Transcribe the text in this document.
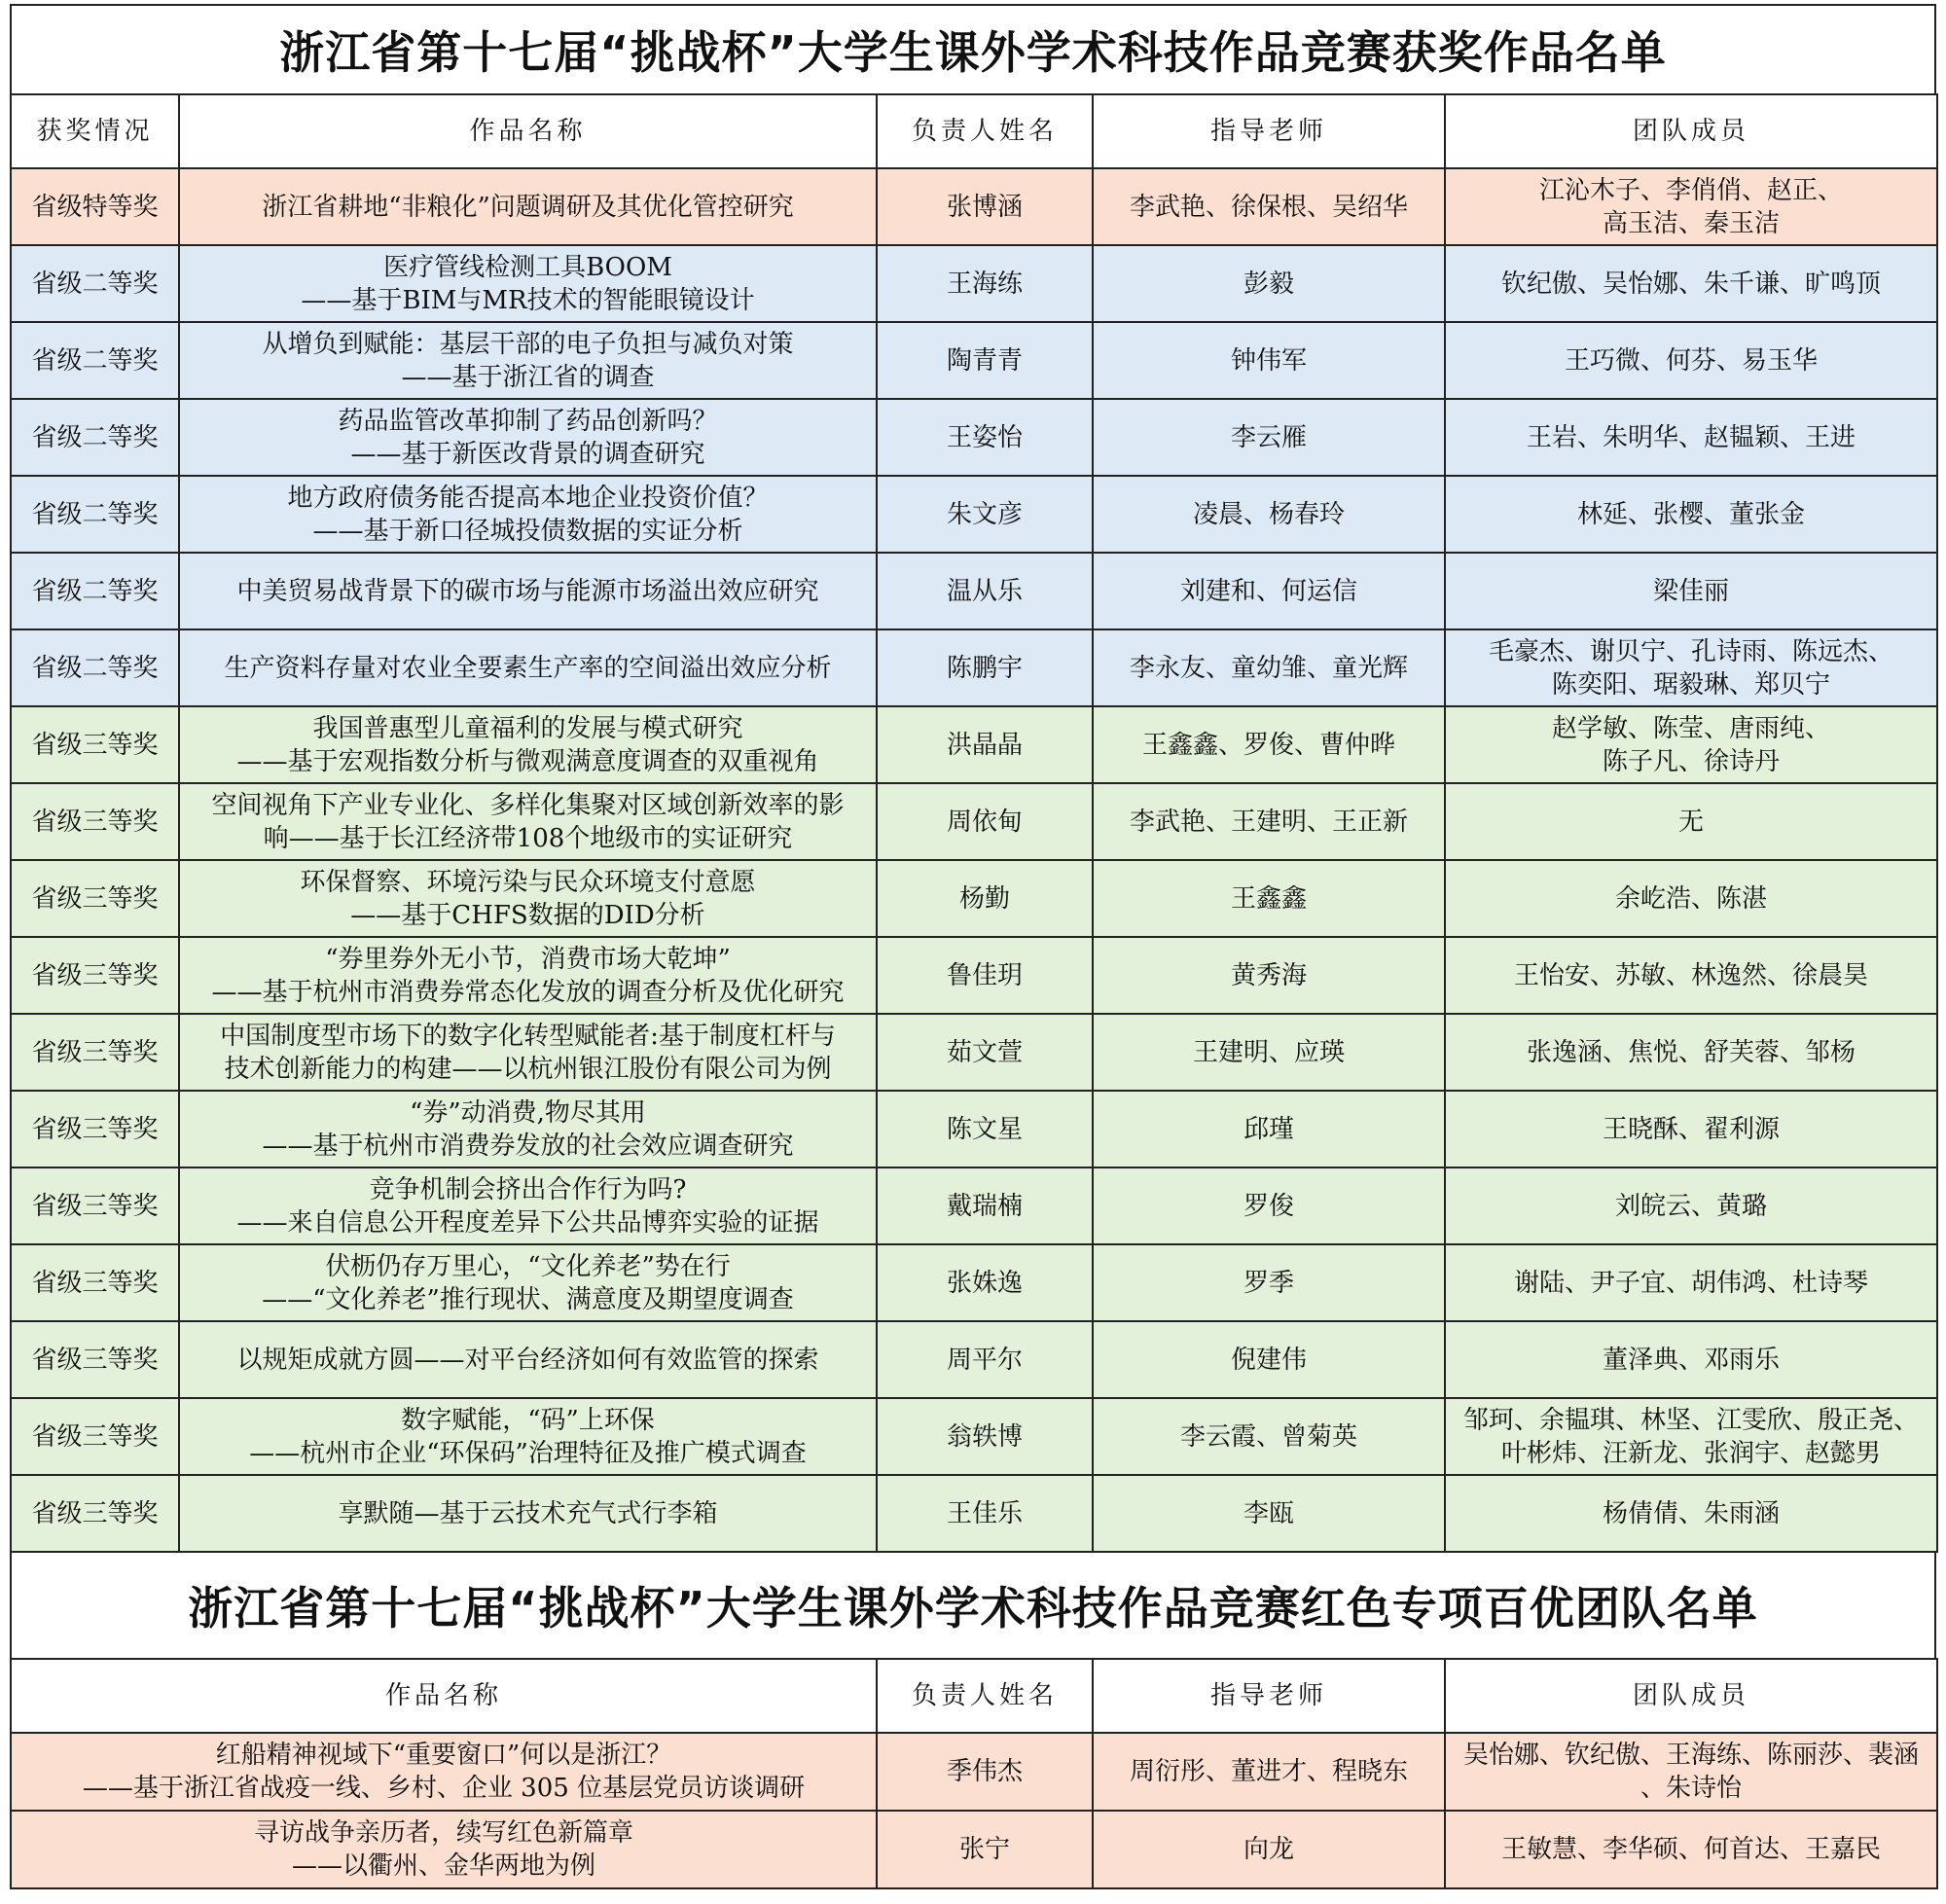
浙江省第十七届“挑战杯”大学生课外学术科技作品竞赛获奖作品名单
获奖情况	作品名称	负责人姓名	指导老师	团队成员
省级特等奖	浙江省耕地“非粮化”问题调研及其优化管控研究	张博涵	李武艳、徐保根、吴绍华	江沁木子、李俏俏、赵正、
高玉洁、秦玉洁

省级二等奖	医疗管线检测工具BOOM
——基于BIM与MR技术的智能眼镜设计	王海练	彭毅	钦纪傲、吴怡娜、朱千谦、旷鸣顶

省级二等奖	从增负到赋能：基层干部的电子负担与减负对策
——基于浙江省的调查	陶青青	钟伟军	王巧微、何芬、易玉华

省级二等奖	药品监管改革抑制了药品创新吗？
——基于新医改背景的调查研究	王姿怡	李云雁	王岩、朱明华、赵韫颖、王进

省级二等奖	地方政府债务能否提高本地企业投资价值？
——基于新口径城投债数据的实证分析	朱文彦	凌晨、杨春玲	林延、张樱、董张金

省级二等奖	中美贸易战背景下的碳市场与能源市场溢出效应研究	温从乐	刘建和、何运信	梁佳丽

省级二等奖	生产资料存量对农业全要素生产率的空间溢出效应分析	陈鹏宇	李永友、童幼雏、童光辉	毛豪杰、谢贝宁、孔诗雨、陈远杰、
陈奕阳、琚毅琳、郑贝宁

省级三等奖	我国普惠型儿童福利的发展与模式研究
——基于宏观指数分析与微观满意度调查的双重视角	洪晶晶	王鑫鑫、罗俊、曹仲晔	赵学敏、陈莹、唐雨纯、
陈子凡、徐诗丹

省级三等奖	空间视角下产业专业化、多样化集聚对区域创新效率的影
响——基于长江经济带108个地级市的实证研究	周依甸	李武艳、王建明、王正新	无

省级三等奖	环保督察、环境污染与民众环境支付意愿
——基于CHFS数据的DID分析	杨勤	王鑫鑫	余屹浩、陈湛

省级三等奖	“券里券外无小节，消费市场大乾坤”
——基于杭州市消费券常态化发放的调查分析及优化研究	鲁佳玥	黄秀海	王怡安、苏敏、林逸然、徐晨昊

省级三等奖	中国制度型市场下的数字化转型赋能者:基于制度杠杆与
技术创新能力的构建——以杭州银江股份有限公司为例	茹文萱	王建明、应瑛	张逸涵、焦悦、舒芙蓉、邹杨

省级三等奖	“券”动消费,物尽其用
——基于杭州市消费券发放的社会效应调查研究	陈文星	邱瑾	王晓酥、翟利源

省级三等奖	竞争机制会挤出合作行为吗?
——来自信息公开程度差异下公共品博弈实验的证据	戴瑞楠	罗俊	刘皖云、黄璐

省级三等奖	伏枥仍存万里心，“文化养老”势在行
——“文化养老”推行现状、满意度及期望度调查	张姝逸	罗季	谢陆、尹子宜、胡伟鸿、杜诗琴

省级三等奖	以规矩成就方圆——对平台经济如何有效监管的探索	周平尔	倪建伟	董泽典、邓雨乐

省级三等奖	数字赋能，“码”上环保
——杭州市企业“环保码”治理特征及推广模式调查	翁轶博	李云霞、曾菊英	邹珂、余韫琪、林坚、江雯欣、殷正尧、
叶彬炜、汪新龙、张润宇、赵懿男

省级三等奖	享默随—基于云技术充气式行李箱	王佳乐	李瓯	杨倩倩、朱雨涵
浙江省第十七届“挑战杯”大学生课外学术科技作品竞赛红色专项百优团队名单
作品名称	负责人姓名	指导老师	团队成员

红船精神视域下“重要窗口”何以是浙江？
——基于浙江省战疫一线、乡村、企业 305 位基层党员访谈调研	季伟杰	周衍彤、董进才、程晓东	吴怡娜、钦纪傲、王海练、陈丽莎、裴涵
、朱诗怡

寻访战争亲历者，续写红色新篇章
——以衢州、金华两地为例	张宁	向龙	王敏慧、李华硕、何首达、王嘉民
